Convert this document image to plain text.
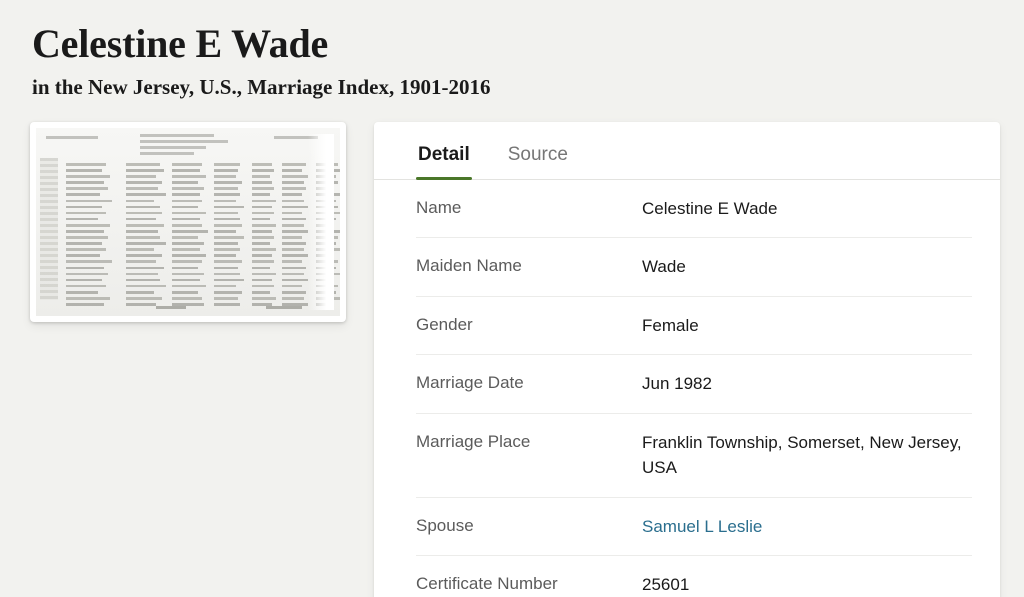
Celestine E Wade
in the New Jersey, U.S., Marriage Index, 1901-2016
Detail Source
Name	Celestine E Wade
Maiden Name	Wade
Gender	Female
Marriage Date	Jun 1982
Marriage Place	Franklin Township, Somerset, New Jersey, USA
Spouse	Samuel L Leslie
Certificate Number	25601
